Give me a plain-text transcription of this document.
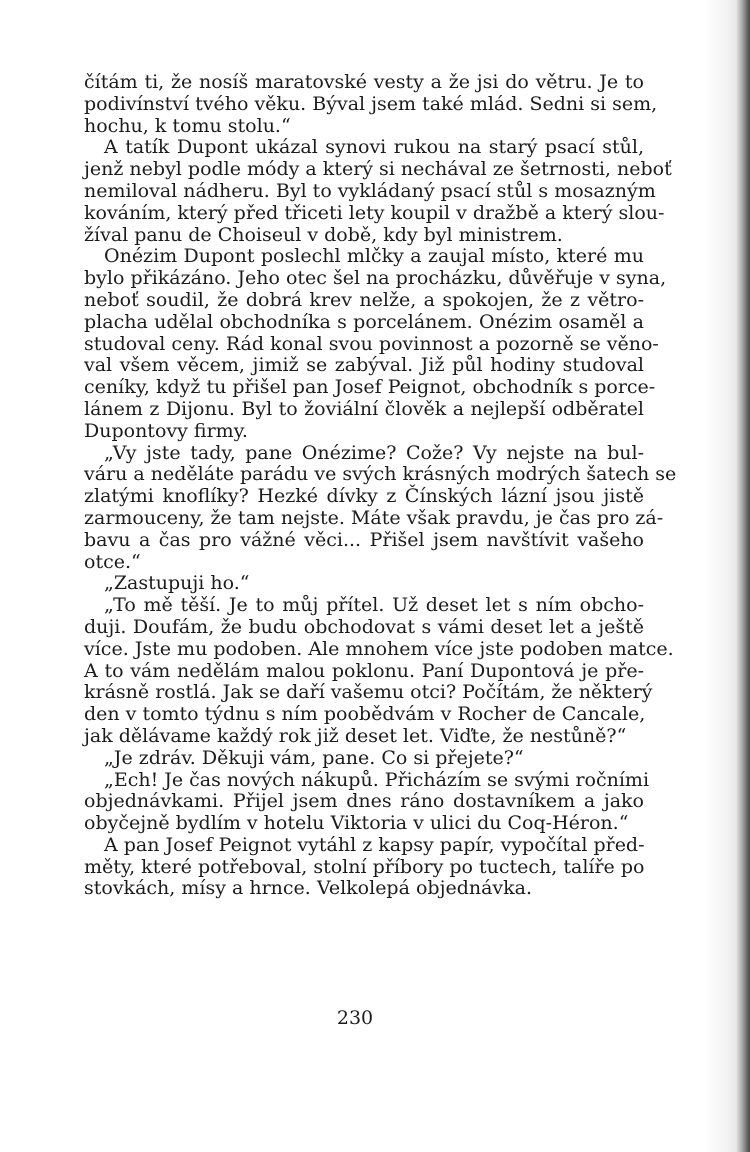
čítám ti, že nosíš maratovské vesty a že jsi do větru. Je to
podivínství tvého věku. Býval jsem také mlád. Sedni si sem,
hochu, k tomu stolu.“
A tatík Dupont ukázal synovi rukou na starý psací stůl,
jenž nebyl podle módy a který si nechával ze šetrnosti, neboť
nemiloval nádheru. Byl to vykládaný psací stůl s mosazným
kováním, který před třiceti lety koupil v dražbě a který slou-
žíval panu de Choiseul v době, kdy byl ministrem.
Onézim Dupont poslechl mlčky a zaujal místo, které mu
bylo přikázáno. Jeho otec šel na procházku, důvěřuje v syna,
neboť soudil, že dobrá krev nelže, a spokojen, že z větro-
placha udělal obchodníka s porcelánem. Onézim osaměl a
studoval ceny. Rád konal svou povinnost a pozorně se věno-
val všem věcem, jimiž se zabýval. Již půl hodiny studoval
ceníky, když tu přišel pan Josef Peignot, obchodník s porce-
lánem z Dijonu. Byl to žoviální člověk a nejlepší odběratel
Dupontovy firmy.
„Vy jste tady, pane Onézime? Cože? Vy nejste na bul-
váru a neděláte parádu ve svých krásných modrých šatech se
zlatými knoflíky? Hezké dívky z Čínských lázní jsou jistě
zarmouceny, že tam nejste. Máte však pravdu, je čas pro zá-
bavu a čas pro vážné věci... Přišel jsem navštívit vašeho
otce.“
„Zastupuji ho.“
„To mě těší. Je to můj přítel. Už deset let s ním obcho-
duji. Doufám, že budu obchodovat s vámi deset let a ještě
více. Jste mu podoben. Ale mnohem více jste podoben matce.
A to vám nedělám malou poklonu. Paní Dupontová je pře-
krásně rostlá. Jak se daří vašemu otci? Počítám, že některý
den v tomto týdnu s ním poobědvám v Rocher de Cancale,
jak dělávame každý rok již deset let. Viďte, že nestůně?“
„Je zdráv. Děkuji vám, pane. Co si přejete?“
„Ech! Je čas nových nákupů. Přicházím se svými ročními
objednávkami. Přijel jsem dnes ráno dostavníkem a jako
obyčejně bydlím v hotelu Viktoria v ulici du Coq-Héron.“
A pan Josef Peignot vytáhl z kapsy papír, vypočítal před-
měty, které potřeboval, stolní příbory po tuctech, talíře po
stovkách, mísy a hrnce. Velkolepá objednávka.
230
